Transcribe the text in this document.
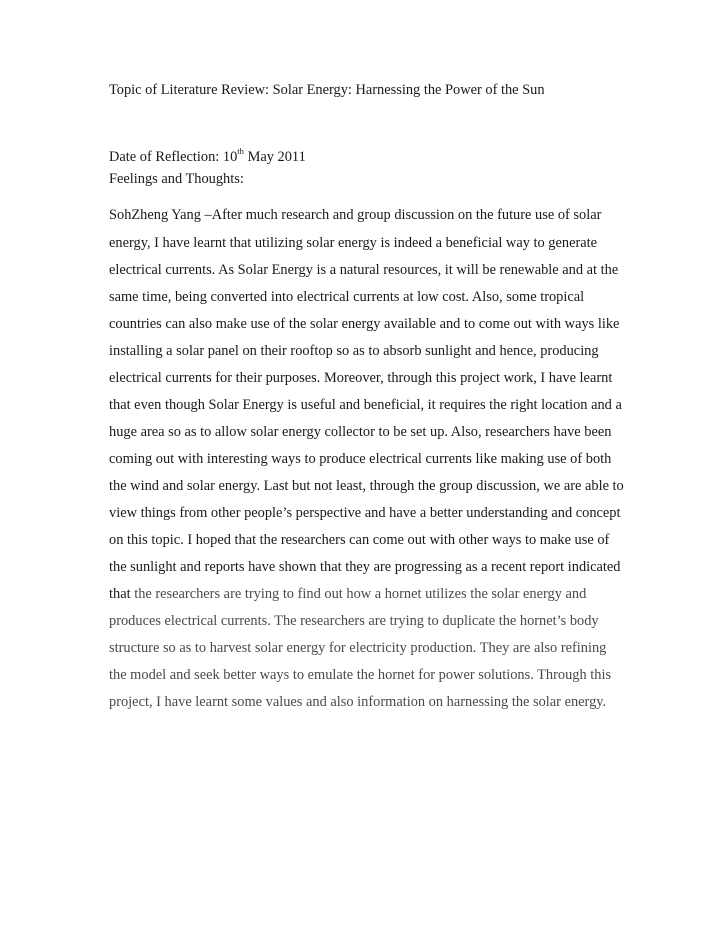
Topic of Literature Review: Solar Energy: Harnessing the Power of the Sun
Date of Reflection: 10th May 2011
Feelings and Thoughts:
SohZheng Yang –After much research and group discussion on the future use of solar
energy, I have learnt that utilizing solar energy is indeed a beneficial way to generate
electrical currents. As Solar Energy is a natural resources, it will be renewable and at the
same time, being converted into electrical currents at low cost. Also, some tropical
countries can also make use of the solar energy available and to come out with ways like
installing a solar panel on their rooftop so as to absorb sunlight and hence, producing
electrical currents for their purposes. Moreover, through this project work, I have learnt
that even though Solar Energy is useful and beneficial, it requires the right location and a
huge area so as to allow solar energy collector to be set up. Also, researchers have been
coming out with interesting ways to produce electrical currents like making use of both
the wind and solar energy. Last but not least, through the group discussion, we are able to
view things from other people’s perspective and have a better understanding and concept
on this topic. I hoped that the researchers can come out with other ways to make use of
the sunlight and reports have shown that they are progressing as a recent report indicated
that the researchers are trying to find out how a hornet utilizes the solar energy and
produces electrical currents. The researchers are trying to duplicate the hornet’s body
structure so as to harvest solar energy for electricity production. They are also refining
the model and seek better ways to emulate the hornet for power solutions. Through this
project, I have learnt some values and also information on harnessing the solar energy.
